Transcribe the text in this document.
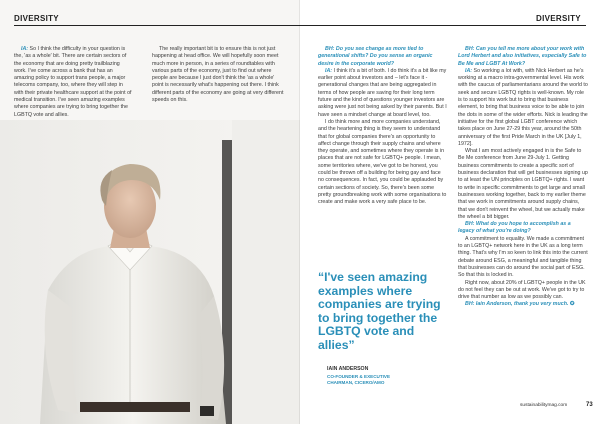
DIVERSITY

IA: So I think the difficulty in your question is the, 'as a whole' bit. There are certain sectors of the economy that are doing pretty trailblazing work. I've come across a bank that has an amazing policy to support trans people, a major telecoms company, too, where they will step in with their private healthcare support at the point of medical transition. I've seen amazing examples where companies are trying to bring together the LGBTQ vote and allies.

The really important bit is to ensure this is not just happening at head office. We will hopefully soon meet much more in person, in a series of roundtables with various parts of the economy, just to find out where people are because I just don't think the 'as a whole' point is necessarily what's happening out there. I think different parts of the economy are going at very different speeds on this.

DIVERSITY

BH: Do you see change as more tied to generational shifts? Do you sense an organic desire in the corporate world?

IA: I think it's a bit of both. I do think it's a bit like my earlier point about investors and – let's face it - generational changes that are being aggregated in terms of how people are saving for their long term future and the kind of questions younger investors are asking were just not being asked by their parents. But I have seen a mindset change at board level, too.

I do think more and more companies understand, and the heartening thing is they seem to understand that for global companies there's an opportunity to affect change through their supply chains and where they operate, and sometimes where they operate is in places that are not safe for LGBTQ+ people. I mean, some territories where, we've got to be honest, you could be thrown off a building for being gay and face no consequences. In fact, you could be applauded by certain sections of society. So, there's been some pretty groundbreaking work with some organisations to create and make work a very safe place to be.

BH: Can you tell me more about your work with Lord Herbert and also initiatives, especially Safe to Be Me and LGBT At Work?

IA: So working a lot with, with Nick Herbert as he's working at a macro intra-governmental level. His work with the caucus of parliamentarians around the world to seek and secure LGBTQ rights is well-known. My role is to support his work but to bring that business element, to bring that business voice to be able to join the dots in some of the wider efforts. Nick is leading the initiative for the first global LGBT conference which takes place on June 27-29 this year, around the 50th anniversary of the first Pride March in the UK [July 1, 1972].

What I am most actively engaged in is the Safe to Be Me conference from June 29-July 1. Getting business commitments to create a specific sort of business declaration that will get businesses signing up to at least the UN principles on LGBTQ+ rights. I want to write in specific commitments to get large and small businesses working together, back to my earlier theme that we work in commitments around supply chains, that we don't reinvent the wheel, but we actually make the wheel a bit bigger.

BH: What do you hope to accomplish as a legacy of what you're doing?

A commitment to equality. We made a commitment to an LGBTQ+ network here in the UK as a long term thing. That's why I'm so keen to link this into the current debate around ESG, a meaningful and tangible thing that businesses can do around the social part of ESG. So that this is locked in.

Right now, about 20% of LGBTQ+ people in the UK do not feel they can be out at work. We've got to try to drive that number as low as we possibly can.

BH: Iain Anderson, thank you very much. ✪

“I've seen amazing examples where companies are trying to bring together the LGBTQ vote and allies”
IAIN ANDERSON
CO-FOUNDER & EXECUTIVE CHAIRMAN, CICERO/AMO
sustainabilitymag.com	73
